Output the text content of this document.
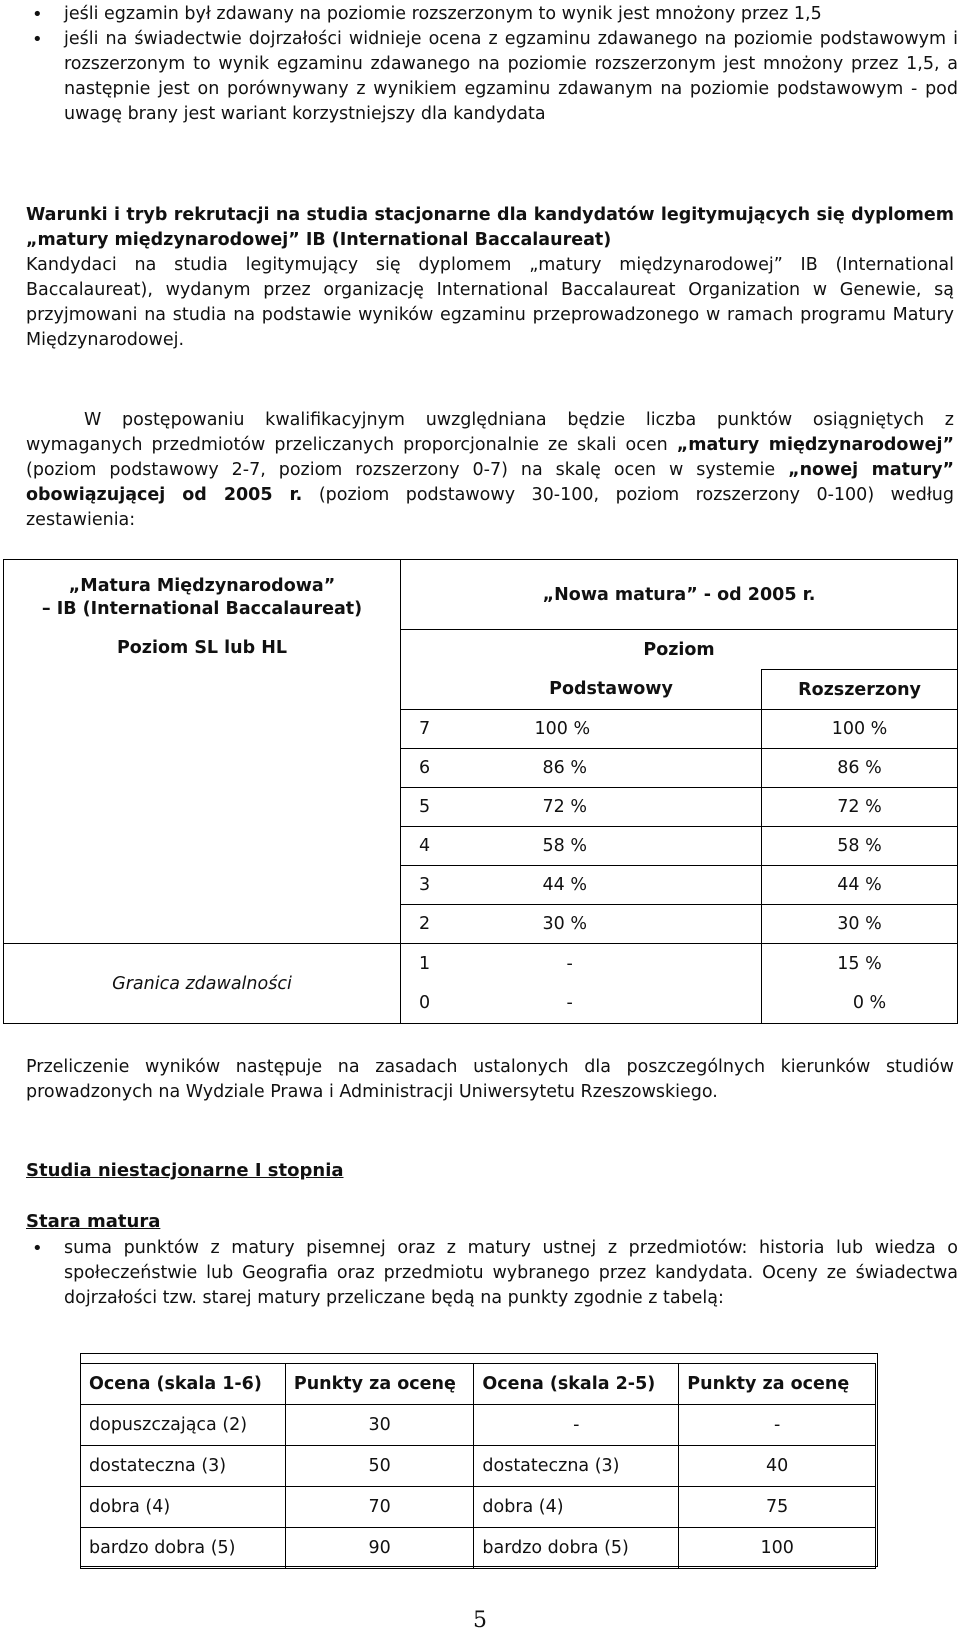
• jeśli egzamin był zdawany na poziomie rozszerzonym to wynik jest mnożony przez 1,5
• jeśli na świadectwie dojrzałości widnieje ocena z egzaminu zdawanego na poziomie podstawowym i rozszerzonym to wynik egzaminu zdawanego na poziomie rozszerzonym jest mnożony przez 1,5, a następnie jest on porównywany z wynikiem egzaminu zdawanym na poziomie podstawowym - pod uwagę brany jest wariant korzystniejszy dla kandydata

Warunki i tryb rekrutacji na studia stacjonarne dla kandydatów legitymujących się dyplomem „matury międzynarodowej” IB (International Baccalaureat)

Kandydaci na studia legitymujący się dyplomem „matury międzynarodowej” IB (International Baccalaureat), wydanym przez organizację International Baccalaureat Organization w Genewie, są przyjmowani na studia na podstawie wyników egzaminu przeprowadzonego w ramach programu Matury Międzynarodowej.

W postępowaniu kwalifikacyjnym uwzględniana będzie liczba punktów osiągniętych z wymaganych przedmiotów przeliczanych proporcjonalnie ze skali ocen „matury międzynarodowej” (poziom podstawowy 2-7, poziom rozszerzony 0-7) na skalę ocen w systemie „nowej matury” obowiązującej od 2005 r. (poziom podstawowy 30-100, poziom rozszerzony 0-100) według zestawienia:

„Matura Międzynarodowa”
– IB (International Baccalaureat)	„Nowa matura” - od 2005 r.		
Poziom SL lub HL	Poziom		
	Podstawowy		Rozszerzony
	7	100 %	100 %
	6	86 %	86 %
	5	72 %	72 %
	4	58 %	58 %
	3	44 %	44 %
	2	30 %	30 %
Granica zdawalności	1	-	15 %
	0	-	0 %

Przeliczenie wyników następuje na zasadach ustalonych dla poszczególnych kierunków studiów prowadzonych na Wydziale Prawa i Administracji Uniwersytetu Rzeszowskiego.

Studia niestacjonarne I stopnia

Stara matura

• suma punktów z matury pisemnej oraz z matury ustnej z przedmiotów: historia lub wiedza o społeczeństwie lub Geografia oraz przedmiotu wybranego przez kandydata. Oceny ze świadectwa dojrzałości tzw. starej matury przeliczane będą na punkty zgodnie z tabelą:
Ocena (skala 1-6)	Punkty za ocenę	Ocena (skala 2-5)	Punkty za ocenę
dopuszczająca (2)	30	-	-
dostateczna (3)	50	dostateczna (3)	40
dobra (4)	70	dobra (4)	75
bardzo dobra (5)	90	bardzo dobra (5)	100
5
